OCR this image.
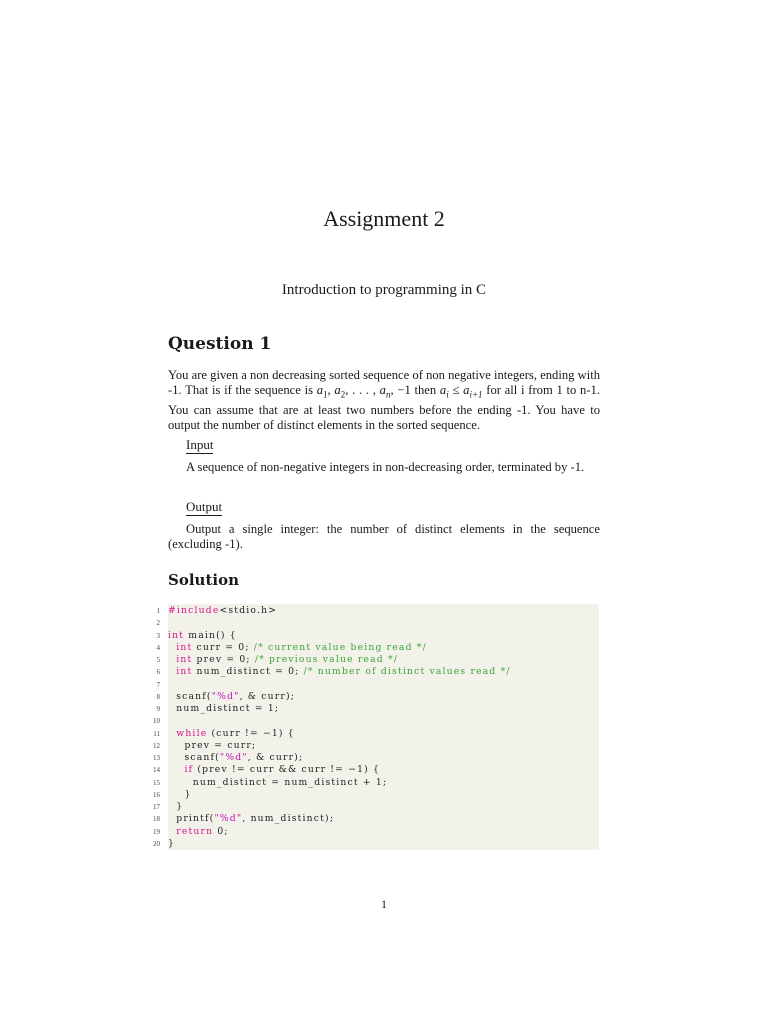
Assignment 2
Introduction to programming in C
Question 1
You are given a non decreasing sorted sequence of non negative integers, ending with -1. That is if the sequence is $a_1$, $a_2$, . . . , $a_n$, −1 then $a_i \le a_{i+1}$ for all i from 1 to n-1. You can assume that are at least two numbers before the ending -1. You have to output the number of distinct elements in the sorted sequence.
Input
A sequence of non-negative integers in non-decreasing order, terminated by -1.
Output
Output a single integer: the number of distinct elements in the sequence (excluding -1).
Solution
1 #include<stdio.h>
2
3 int main() {
4	int curr = 0; /* current value being read */
5	int prev = 0; /* previous value read */
6	int num_distinct = 0; /* number of distinct values read */
7
8 scanf("%d", & curr);
9 num_distinct = 1;
10
11	while (curr != −1) {
12 prev = curr;
13 scanf("%d", & curr);
14	if (prev != curr && curr != −1) {
15 num_distinct = num_distinct + 1;
16 }
17 }
18 printf("%d", num_distinct);
19	return 0;
20 }
1
